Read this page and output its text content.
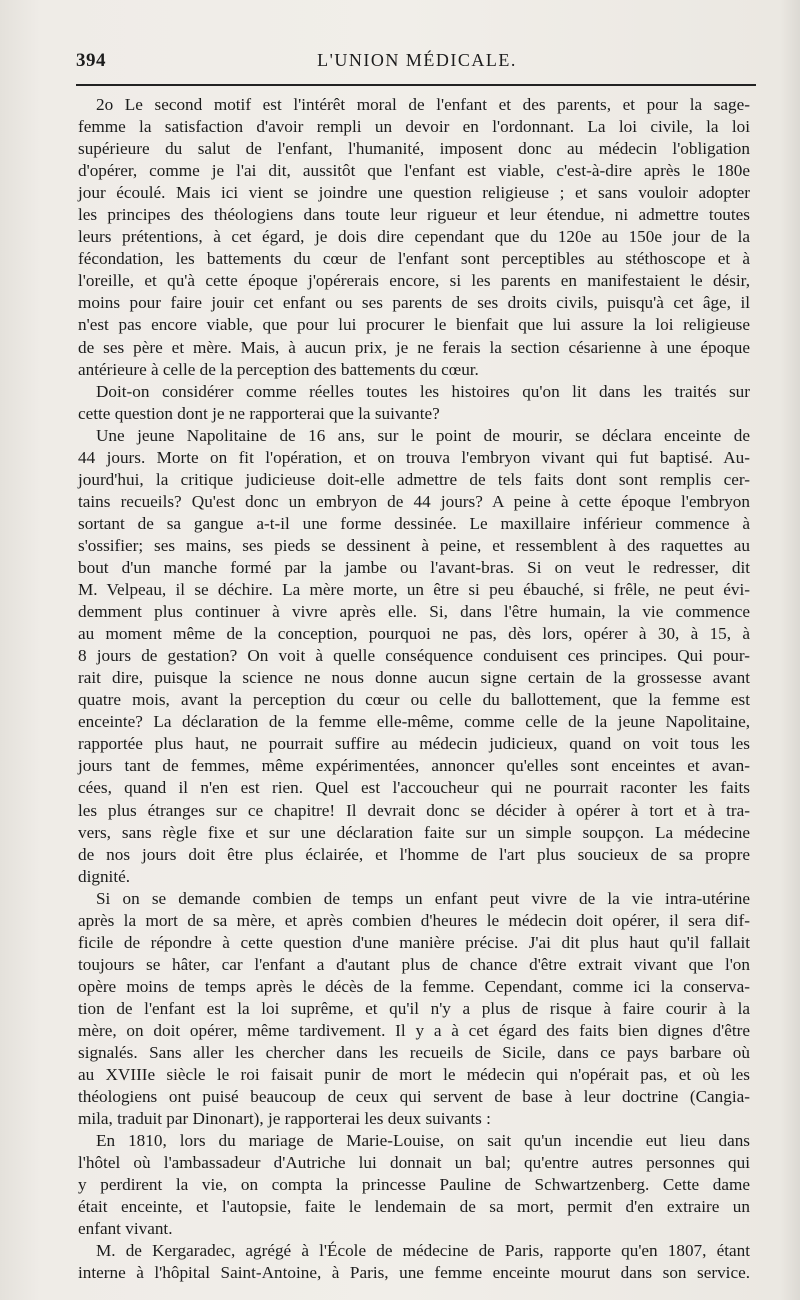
394	L'UNION MÉDICALE.
2o Le second motif est l'intérêt moral de l'enfant et des parents, et pour la sage-
femme la satisfaction d'avoir rempli un devoir en l'ordonnant. La loi civile, la loi
supérieure du salut de l'enfant, l'humanité, imposent donc au médecin l'obligation
d'opérer, comme je l'ai dit, aussitôt que l'enfant est viable, c'est-à-dire après le 180e
jour écoulé. Mais ici vient se joindre une question religieuse ; et sans vouloir adopter
les principes des théologiens dans toute leur rigueur et leur étendue, ni admettre toutes
leurs prétentions, à cet égard, je dois dire cependant que du 120e au 150e jour de la
fécondation, les battements du cœur de l'enfant sont perceptibles au stéthoscope et à
l'oreille, et qu'à cette époque j'opérerais encore, si les parents en manifestaient le désir,
moins pour faire jouir cet enfant ou ses parents de ses droits civils, puisqu'à cet âge, il
n'est pas encore viable, que pour lui procurer le bienfait que lui assure la loi religieuse
de ses père et mère. Mais, à aucun prix, je ne ferais la section césarienne à une époque
antérieure à celle de la perception des battements du cœur.
Doit-on considérer comme réelles toutes les histoires qu'on lit dans les traités sur
cette question dont je ne rapporterai que la suivante?
Une jeune Napolitaine de 16 ans, sur le point de mourir, se déclara enceinte de
44 jours. Morte on fit l'opération, et on trouva l'embryon vivant qui fut baptisé. Au-
jourd'hui, la critique judicieuse doit-elle admettre de tels faits dont sont remplis cer-
tains recueils? Qu'est donc un embryon de 44 jours? A peine à cette époque l'embryon
sortant de sa gangue a-t-il une forme dessinée. Le maxillaire inférieur commence à
s'ossifier; ses mains, ses pieds se dessinent à peine, et ressemblent à des raquettes au
bout d'un manche formé par la jambe ou l'avant-bras. Si on veut le redresser, dit
M. Velpeau, il se déchire. La mère morte, un être si peu ébauché, si frêle, ne peut évi-
demment plus continuer à vivre après elle. Si, dans l'être humain, la vie commence
au moment même de la conception, pourquoi ne pas, dès lors, opérer à 30, à 15, à
8 jours de gestation? On voit à quelle conséquence conduisent ces principes. Qui pour-
rait dire, puisque la science ne nous donne aucun signe certain de la grossesse avant
quatre mois, avant la perception du cœur ou celle du ballottement, que la femme est
enceinte? La déclaration de la femme elle-même, comme celle de la jeune Napolitaine,
rapportée plus haut, ne pourrait suffire au médecin judicieux, quand on voit tous les
jours tant de femmes, même expérimentées, annoncer qu'elles sont enceintes et avan-
cées, quand il n'en est rien. Quel est l'accoucheur qui ne pourrait raconter les faits
les plus étranges sur ce chapitre! Il devrait donc se décider à opérer à tort et à tra-
vers, sans règle fixe et sur une déclaration faite sur un simple soupçon. La médecine
de nos jours doit être plus éclairée, et l'homme de l'art plus soucieux de sa propre
dignité.
Si on se demande combien de temps un enfant peut vivre de la vie intra-utérine
après la mort de sa mère, et après combien d'heures le médecin doit opérer, il sera dif-
ficile de répondre à cette question d'une manière précise. J'ai dit plus haut qu'il fallait
toujours se hâter, car l'enfant a d'autant plus de chance d'être extrait vivant que l'on
opère moins de temps après le décès de la femme. Cependant, comme ici la conserva-
tion de l'enfant est la loi suprême, et qu'il n'y a plus de risque à faire courir à la
mère, on doit opérer, même tardivement. Il y a à cet égard des faits bien dignes d'être
signalés. Sans aller les chercher dans les recueils de Sicile, dans ce pays barbare où
au XVIIIe siècle le roi faisait punir de mort le médecin qui n'opérait pas, et où les
théologiens ont puisé beaucoup de ceux qui servent de base à leur doctrine (Cangia-
mila, traduit par Dinonart), je rapporterai les deux suivants :
En 1810, lors du mariage de Marie-Louise, on sait qu'un incendie eut lieu dans
l'hôtel où l'ambassadeur d'Autriche lui donnait un bal; qu'entre autres personnes qui
y perdirent la vie, on compta la princesse Pauline de Schwartzenberg. Cette dame
était enceinte, et l'autopsie, faite le lendemain de sa mort, permit d'en extraire un
enfant vivant.
M. de Kergaradec, agrégé à l'École de médecine de Paris, rapporte qu'en 1807, étant
interne à l'hôpital Saint-Antoine, à Paris, une femme enceinte mourut dans son service.
